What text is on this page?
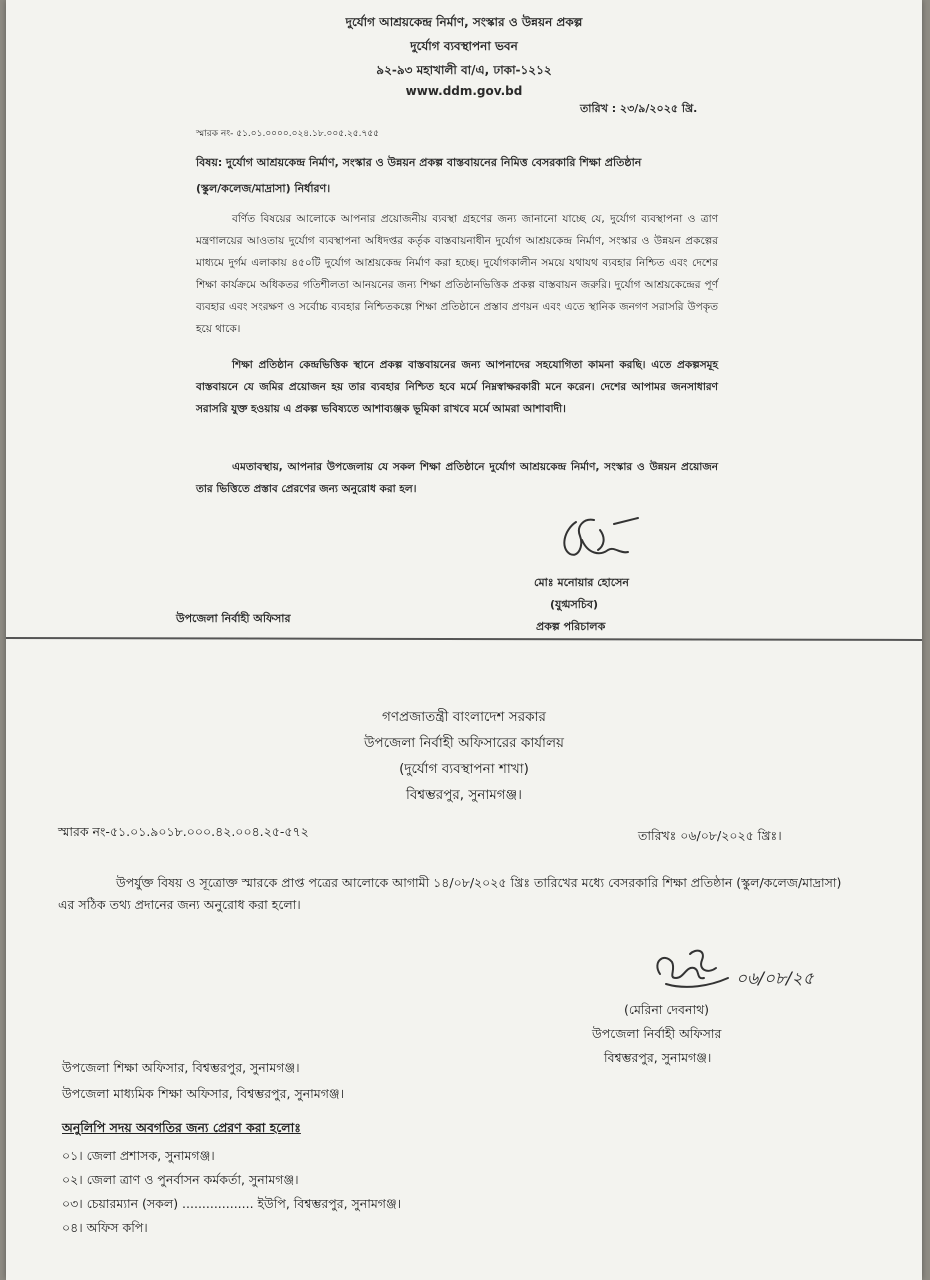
দুর্যোগ আশ্রয়কেন্দ্র নির্মাণ, সংস্কার ও উন্নয়ন প্রকল্প
দুর্যোগ ব্যবস্থাপনা ভবন
৯২-৯৩ মহাখালী বা/এ, ঢাকা-১২১২
www.ddm.gov.bd
তারিখ : ২৩/৯/২০২৫ খ্রি.
স্মারক নং- ৫১.০১.০০০০.০২৪.১৮.০০৫.২৫.৭৫৫
বিষয়: দুর্যোগ আশ্রয়কেন্দ্র নির্মাণ, সংস্কার ও উন্নয়ন প্রকল্প বাস্তবায়নের নিমিত্ত বেসরকারি শিক্ষা প্রতিষ্ঠান
(স্কুল/কলেজ/মাদ্রাসা) নির্ধারণ।

বর্ণিত বিষয়ের আলোকে আপনার প্রয়োজনীয় ব্যবস্থা গ্রহণের জন্য জানানো যাচ্ছে যে, দুর্যোগ ব্যবস্থাপনা ও ত্রাণ মন্ত্রণালয়ের আওতায় দুর্যোগ ব্যবস্থাপনা অধিদপ্তর কর্তৃক বাস্তবায়নাধীন দুর্যোগ আশ্রয়কেন্দ্র নির্মাণ, সংস্কার ও উন্নয়ন প্রকল্পের মাধ্যমে দুর্গম এলাকায় ৪৫০টি দুর্যোগ আশ্রয়কেন্দ্র নির্মাণ করা হচ্ছে। দুর্যোগকালীন সময়ে যথাযথ ব্যবহার নিশ্চিত এবং দেশের শিক্ষা কার্যক্রমে অধিকতর গতিশীলতা আনয়নের জন্য শিক্ষা প্রতিষ্ঠানভিত্তিক প্রকল্প বাস্তবায়ন জরুরি। দুর্যোগ আশ্রয়কেন্দ্রের পূর্ণ ব্যবহার এবং সংরক্ষণ ও সর্বোচ্চ ব্যবহার নিশ্চিতকল্পে শিক্ষা প্রতিষ্ঠানে প্রস্তাব প্রণয়ন এবং এতে স্থানিক জনগণ সরাসরি উপকৃত হয়ে থাকে।

শিক্ষা প্রতিষ্ঠান কেন্দ্রভিত্তিক স্থানে প্রকল্প বাস্তবায়নের জন্য আপনাদের সহযোগিতা কামনা করছি। এতে প্রকল্পসমূহ বাস্তবায়নে যে জমির প্রয়োজন হয় তার ব্যবহার নিশ্চিত হবে মর্মে নিম্নস্বাক্ষরকারী মনে করেন। দেশের আপামর জনসাধারণ সরাসরি যুক্ত হওয়ায় এ প্রকল্প ভবিষ্যতে আশাব্যঞ্জক ভূমিকা রাখবে মর্মে আমরা আশাবাদী।

এমতাবস্থায়, আপনার উপজেলায় যে সকল শিক্ষা প্রতিষ্ঠানে দুর্যোগ আশ্রয়কেন্দ্র নির্মাণ, সংস্কার ও উন্নয়ন প্রয়োজন তার ভিত্তিতে প্রস্তাব প্রেরণের জন্য অনুরোধ করা হল।

মোঃ মনোয়ার হোসেন
(যুগ্মসচিব)
প্রকল্প পরিচালক
উপজেলা নির্বাহী অফিসার
গণপ্রজাতন্ত্রী বাংলাদেশ সরকার
উপজেলা নির্বাহী অফিসারের কার্যালয়
(দুর্যোগ ব্যবস্থাপনা শাখা)
বিশ্বম্ভরপুর, সুনামগঞ্জ।
স্মারক নং-৫১.০১.৯০১৮.০০০.৪২.০০৪.২৫-৫৭২	তারিখঃ ০৬/০৮/২০২৫ খ্রিঃ।

উপর্যুক্ত বিষয় ও সূত্রোক্ত স্মারকে প্রাপ্ত পত্রের আলোকে আগামী ১৪/০৮/২০২৫ খ্রিঃ তারিখের মধ্যে বেসরকারি শিক্ষা প্রতিষ্ঠান (স্কুল/কলেজ/মাদ্রাসা) এর সঠিক তথ্য প্রদানের জন্য অনুরোধ করা হলো।

০৬/০৮/২৫
(মেরিনা দেবনাথ)
উপজেলা নির্বাহী অফিসার
বিশ্বম্ভরপুর, সুনামগঞ্জ।
উপজেলা শিক্ষা অফিসার, বিশ্বম্ভরপুর, সুনামগঞ্জ।
উপজেলা মাধ্যমিক শিক্ষা অফিসার, বিশ্বম্ভরপুর, সুনামগঞ্জ।
অনুলিপি সদয় অবগতির জন্য প্রেরণ করা হলোঃ
০১। জেলা প্রশাসক, সুনামগঞ্জ।
০২। জেলা ত্রাণ ও পুনর্বাসন কর্মকর্তা, সুনামগঞ্জ।
০৩। চেয়ারম্যান (সকল) .................. ইউপি, বিশ্বম্ভরপুর, সুনামগঞ্জ।
০৪। অফিস কপি।
